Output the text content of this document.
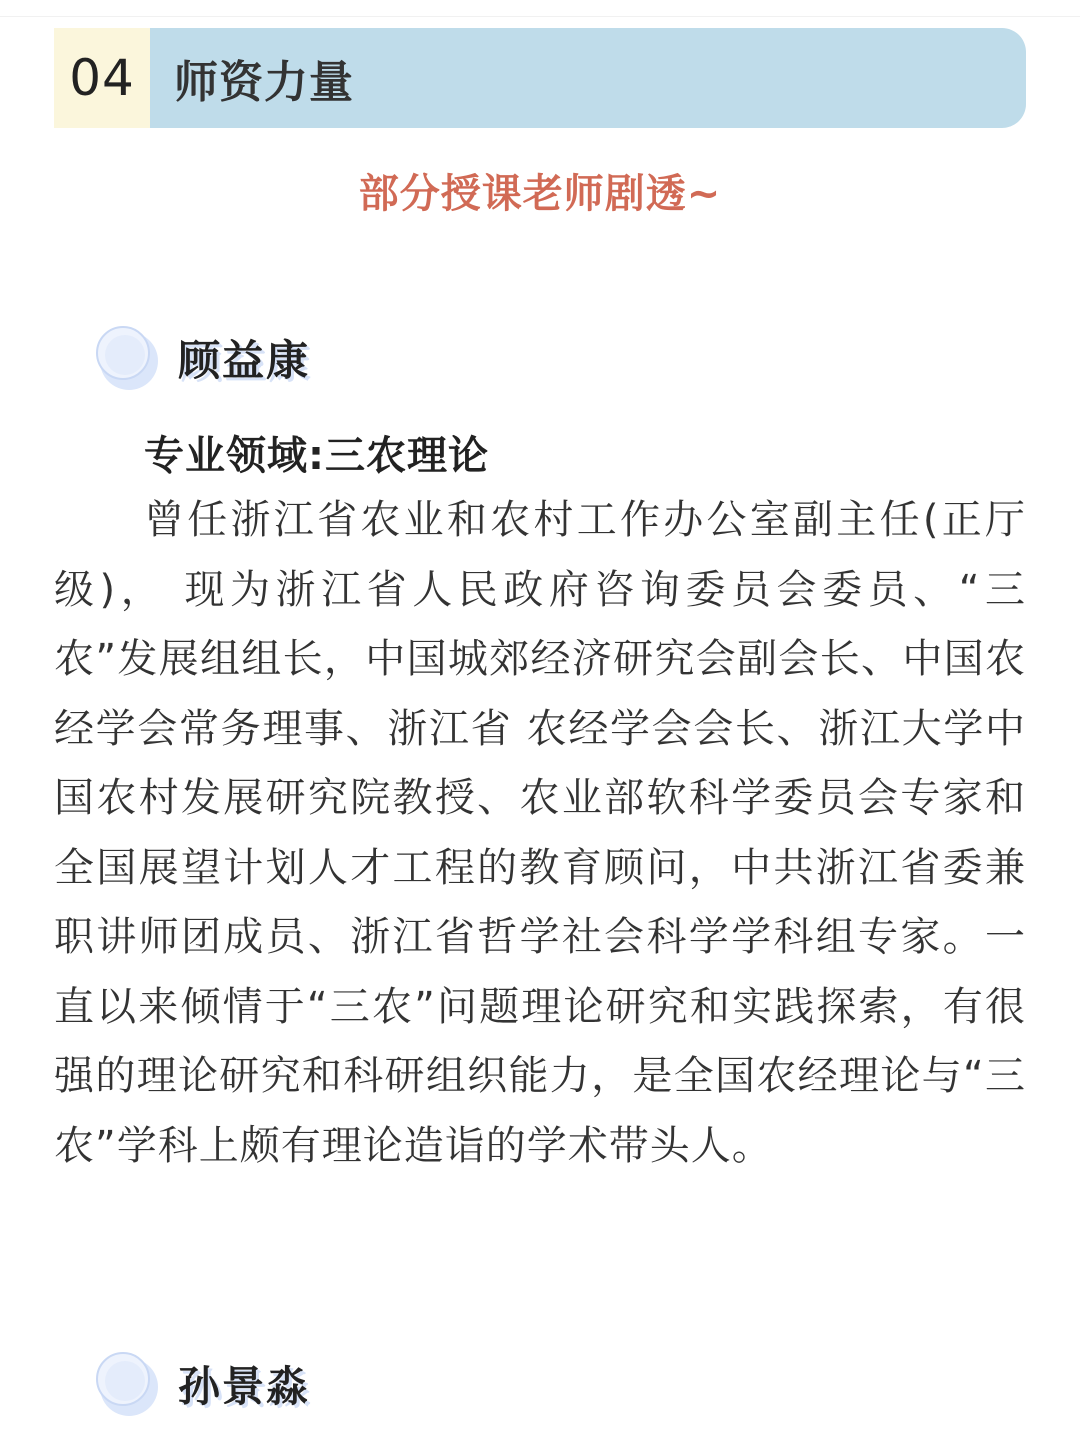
04 师资力量
部分授课老师剧透~
顾益康
专业领域:三农理论

曾任浙江省农业和农村工作办公室副主任(正厅级)， 现为浙江省人民政府咨询委员会委员、“三农”发展组组长，中国城郊经济研究会副会长、中国农经学会常务理事、浙江省 农经学会会长、浙江大学中国农村发展研究院教授、农业部软科学委员会专家和全国展望计划人才工程的教育顾问，中共浙江省委兼职讲师团成员、浙江省哲学社会科学学科组专家。一直以来倾情于“三农”问题理论研究和实践探索，有很强的理论研究和科研组织能力，是全国农经理论与“三农”学科上颇有理论造诣的学术带头人。

孙景淼
